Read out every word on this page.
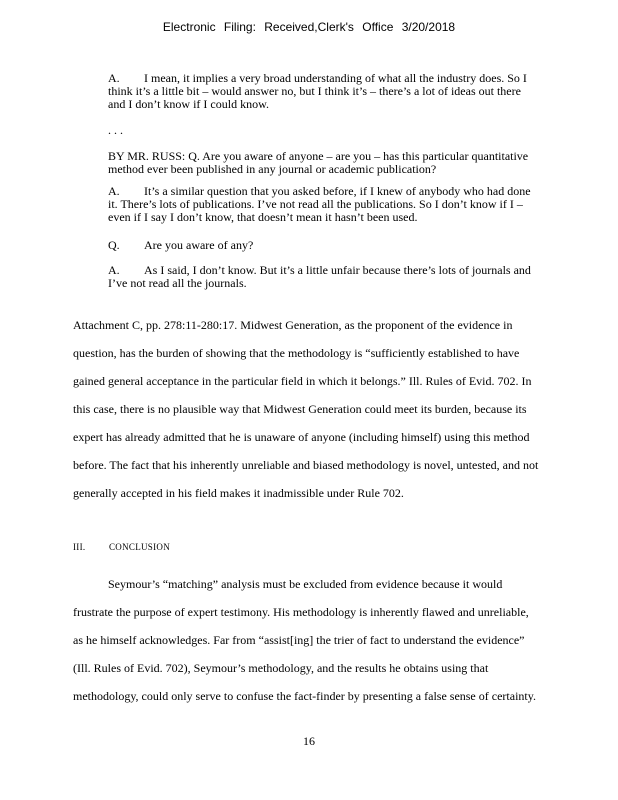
Electronic Filing: Received,Clerk's Office 3/20/2018
A. I mean, it implies a very broad understanding of what all the industry does. So I
think it’s a little bit – would answer no, but I think it’s – there’s a lot of ideas out there
and I don’t know if I could know.
. . .
BY MR. RUSS: Q. Are you aware of anyone – are you – has this particular quantitative
method ever been published in any journal or academic publication?
A. It’s a similar question that you asked before, if I knew of anybody who had done
it. There’s lots of publications. I’ve not read all the publications. So I don’t know if I –
even if I say I don’t know, that doesn’t mean it hasn’t been used.
Q. Are you aware of any?
A. As I said, I don’t know. But it’s a little unfair because there’s lots of journals and
I’ve not read all the journals.
Attachment C, pp. 278:11-280:17. Midwest Generation, as the proponent of the evidence in
question, has the burden of showing that the methodology is “sufficiently established to have
gained general acceptance in the particular field in which it belongs.” Ill. Rules of Evid. 702. In
this case, there is no plausible way that Midwest Generation could meet its burden, because its
expert has already admitted that he is unaware of anyone (including himself) using this method
before. The fact that his inherently unreliable and biased methodology is novel, untested, and not
generally accepted in his field makes it inadmissible under Rule 702.
III.	CONCLUSION
Seymour’s “matching” analysis must be excluded from evidence because it would
frustrate the purpose of expert testimony. His methodology is inherently flawed and unreliable,
as he himself acknowledges. Far from “assist[ing] the trier of fact to understand the evidence”
(Ill. Rules of Evid. 702), Seymour’s methodology, and the results he obtains using that
methodology, could only serve to confuse the fact-finder by presenting a false sense of certainty.
16
